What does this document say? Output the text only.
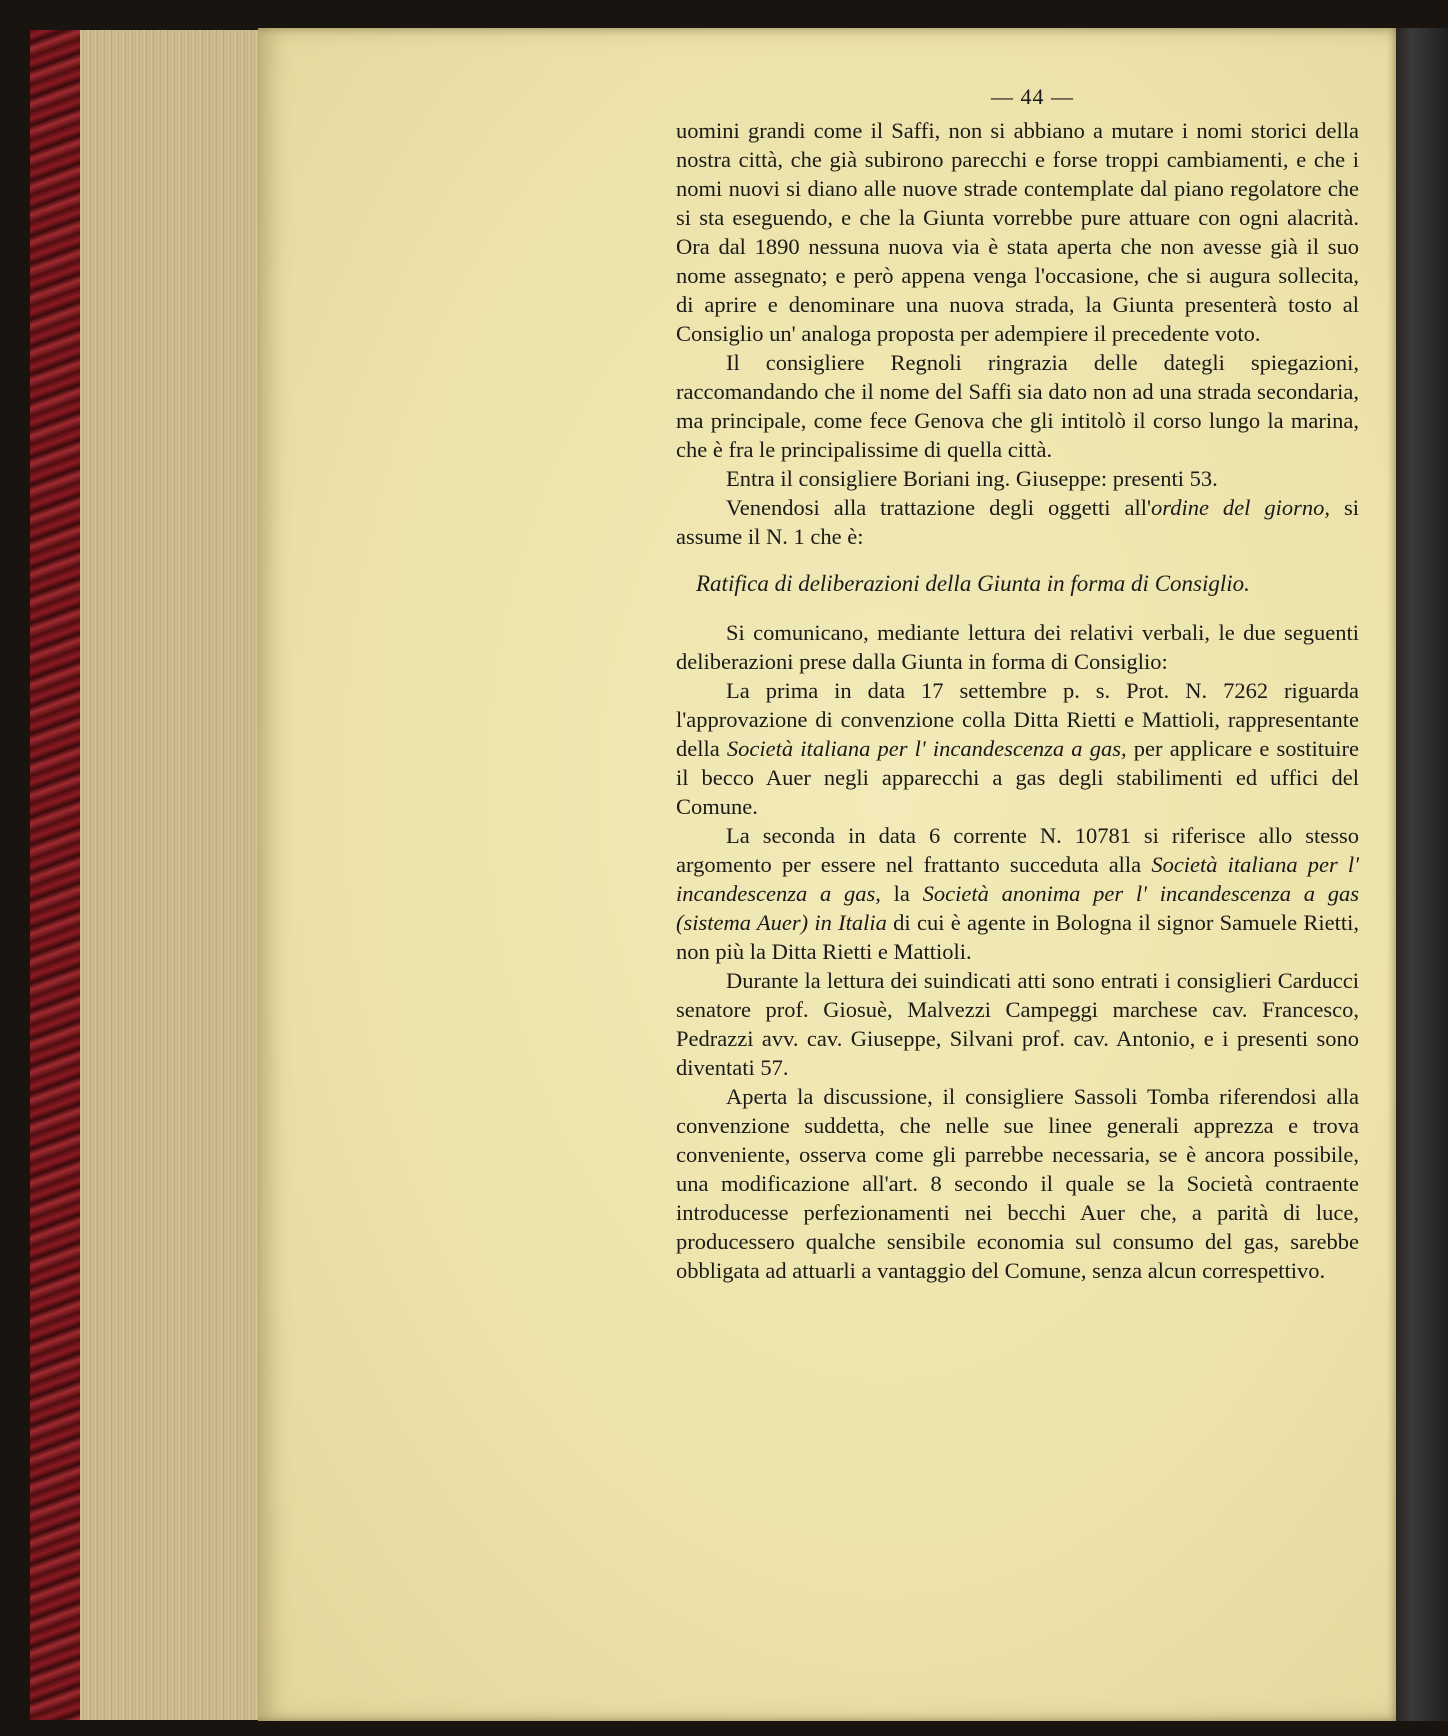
— 44 —

uomini grandi come il Saffi, non si abbiano a mutare i nomi storici della nostra città, che già subirono parecchi e forse troppi cambiamenti, e che i nomi nuovi si diano alle nuove strade contemplate dal piano regolatore che si sta eseguendo, e che la Giunta vorrebbe pure attuare con ogni alacrità. Ora dal 1890 nessuna nuova via è stata aperta che non avesse già il suo nome assegnato; e però appena venga l'occasione, che si augura sollecita, di aprire e denominare una nuova strada, la Giunta presenterà tosto al Consiglio un' analoga proposta per adempiere il precedente voto.

Il consigliere Regnoli ringrazia delle dategli spiegazioni, raccomandando che il nome del Saffi sia dato non ad una strada secondaria, ma principale, come fece Genova che gli intitolò il corso lungo la marina, che è fra le principalissime di quella città.

Entra il consigliere Boriani ing. Giuseppe: presenti 53.

Venendosi alla trattazione degli oggetti all'ordine del giorno, si assume il N. 1 che è:

Ratifica di deliberazioni della Giunta in forma di Consiglio.

Si comunicano, mediante lettura dei relativi verbali, le due seguenti deliberazioni prese dalla Giunta in forma di Consiglio:

La prima in data 17 settembre p. s. Prot. N. 7262 riguarda l'approvazione di convenzione colla Ditta Rietti e Mattioli, rappresentante della Società italiana per l' incandescenza a gas, per applicare e sostituire il becco Auer negli apparecchi a gas degli stabilimenti ed uffici del Comune.

La seconda in data 6 corrente N. 10781 si riferisce allo stesso argomento per essere nel frattanto succeduta alla Società italiana per l' incandescenza a gas, la Società anonima per l' incandescenza a gas (sistema Auer) in Italia di cui è agente in Bologna il signor Samuele Rietti, non più la Ditta Rietti e Mattioli.

Durante la lettura dei suindicati atti sono entrati i consiglieri Carducci senatore prof. Giosuè, Malvezzi Campeggi marchese cav. Francesco, Pedrazzi avv. cav. Giuseppe, Silvani prof. cav. Antonio, e i presenti sono diventati 57.

Aperta la discussione, il consigliere Sassoli Tomba riferendosi alla convenzione suddetta, che nelle sue linee generali apprezza e trova conveniente, osserva come gli parrebbe necessaria, se è ancora possibile, una modificazione all'art. 8 secondo il quale se la Società contraente introducesse perfezionamenti nei becchi Auer che, a parità di luce, producessero qualche sensibile economia sul consumo del gas, sarebbe obbligata ad attuarli a vantaggio del Comune, senza alcun correspettivo.
